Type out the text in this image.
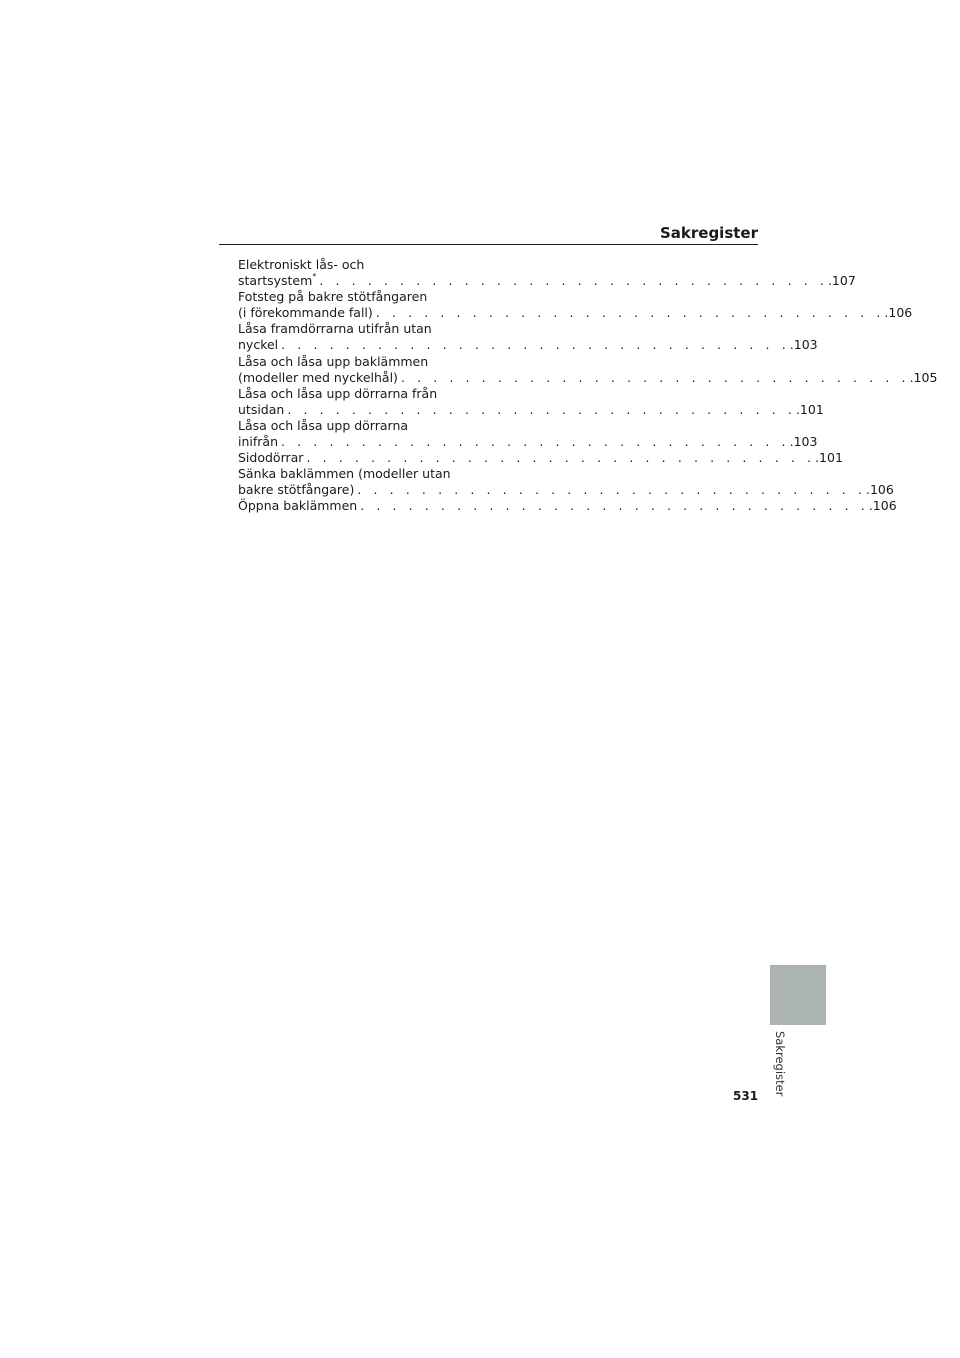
Sakregister
Elektroniskt lås- och
startsystem* . . . . . . . . . . . . . . . . . . . . . . . . . . . . . . . . .107
Fotsteg på bakre stötfångaren
(i förekommande fall) . . . . . . . . . . . . . . . . . . . . . . . . . . . . . . . . .106
Låsa framdörrarna utifrån utan
nyckel . . . . . . . . . . . . . . . . . . . . . . . . . . . . . . . . .103
Låsa och låsa upp baklämmen
(modeller med nyckelhål) . . . . . . . . . . . . . . . . . . . . . . . . . . . . . . . . .105
Låsa och låsa upp dörrarna från
utsidan . . . . . . . . . . . . . . . . . . . . . . . . . . . . . . . . .101
Låsa och låsa upp dörrarna
inifrån . . . . . . . . . . . . . . . . . . . . . . . . . . . . . . . . .103
Sidodörrar . . . . . . . . . . . . . . . . . . . . . . . . . . . . . . . . .101
Sänka baklämmen (modeller utan
bakre stötfångare) . . . . . . . . . . . . . . . . . . . . . . . . . . . . . . . . .106
Öppna baklämmen . . . . . . . . . . . . . . . . . . . . . . . . . . . . . . . . .106
Sakregister
531
